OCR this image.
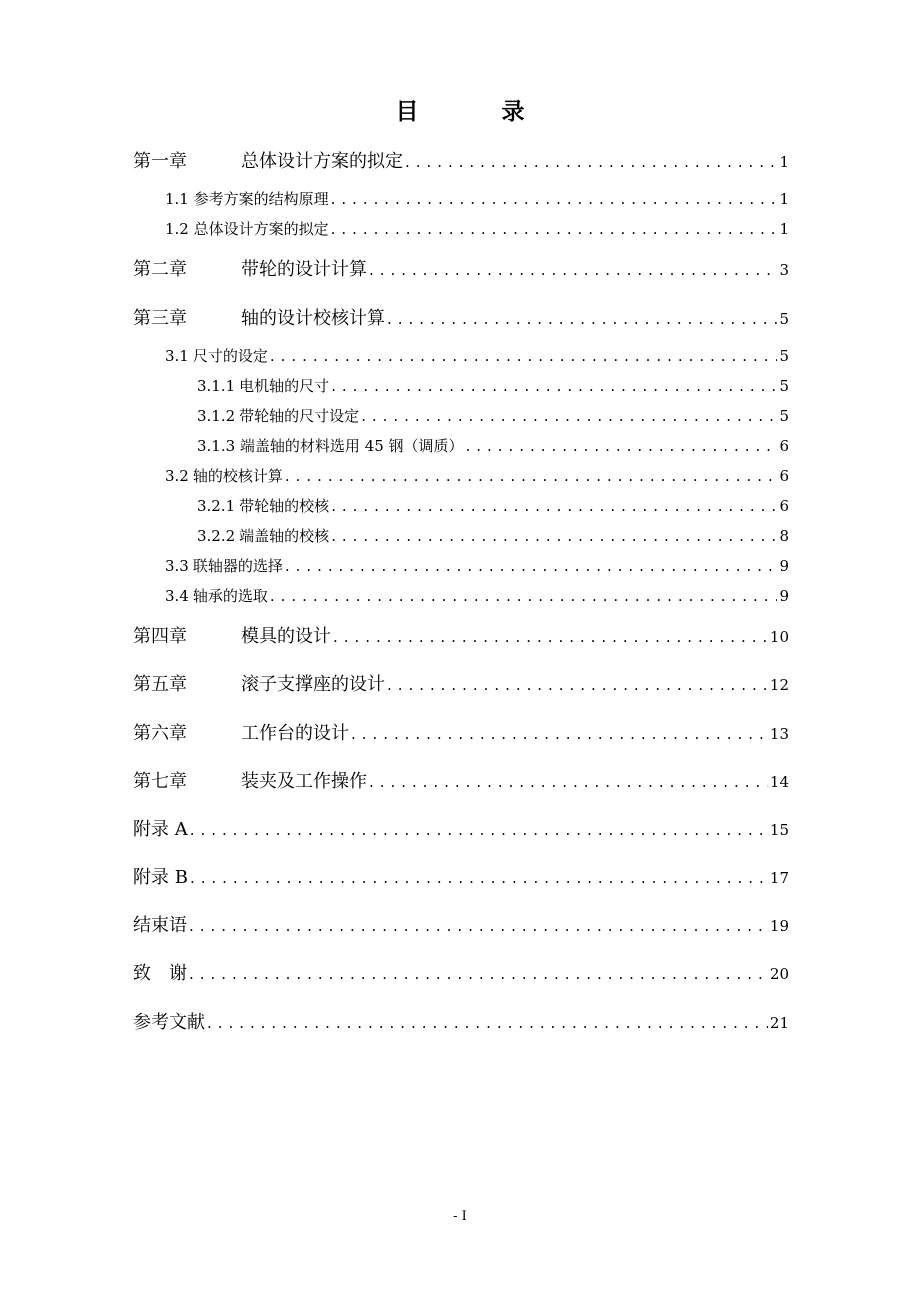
目　录
第一章	总体设计方案的拟定 . . .	1
1.1 参考方案的结构原理 . . .	1
1.2 总体设计方案的拟定 . . .	1
第二章	带轮的设计计算 . . .	3
第三章	轴的设计校核计算 . . .	5
3.1 尺寸的设定 . . .	5
3.1.1 电机轴的尺寸 . . .	5
3.1.2 带轮轴的尺寸设定 . . .	5
3.1.3 端盖轴的材料选用 45 钢（调质） . . .	6
3.2 轴的校核计算 . . .	6
3.2.1 带轮轴的校核 . . .	6
3.2.2 端盖轴的校核 . . .	8
3.3 联轴器的选择 . . .	9
3.4 轴承的选取 . . .	9
第四章	模具的设计 . . .	10
第五章	滚子支撑座的设计 . . .	12
第六章	工作台的设计 . . .	13
第七章	装夹及工作操作 . . .	14
附录 A . . .	15
附录 B . . .	17
结束语 . . .	19
致　谢 . . .	20
参考文献 . . .	21
- I
